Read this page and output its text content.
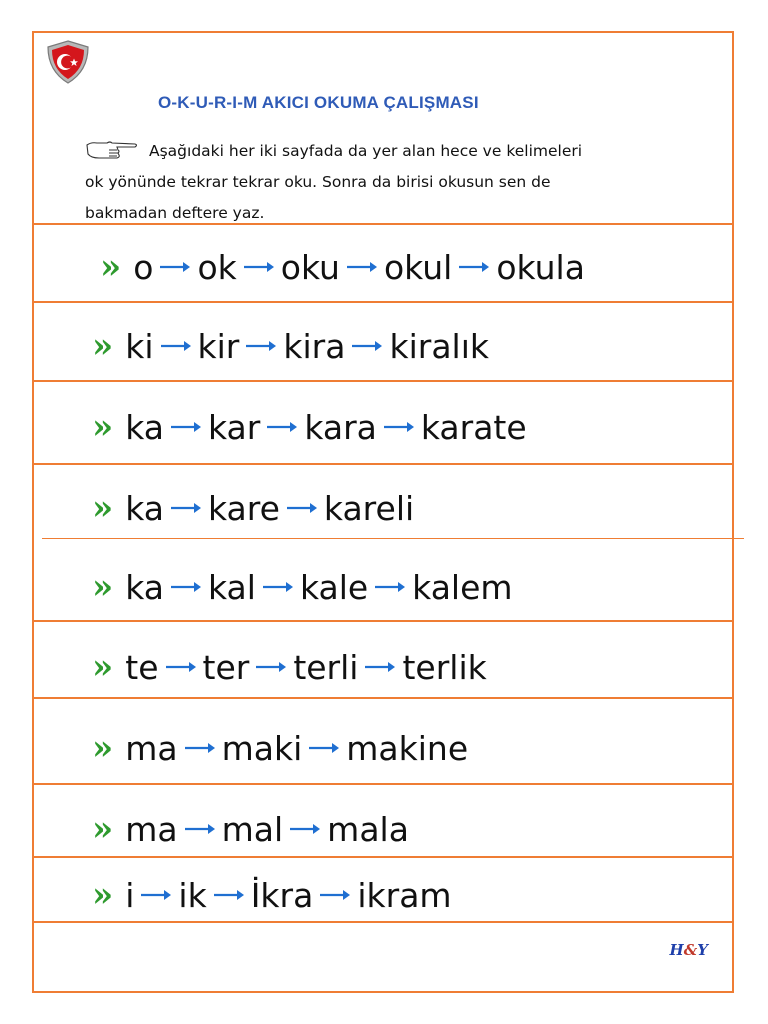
O-K-U-R-I-M AKICI OKUMA ÇALIŞMASI
Aşağıdaki her iki sayfada da yer alan hece ve kelimeleri
ok yönünde tekrar tekrar oku. Sonra da birisi okusun sen de
bakmadan deftere yaz.
H&Y
» o ok oku okul okula
» ki kir kira kiralık
» ka kar kara karate
» ka kare kareli
» ka kal kale kalem
» te ter terli terlik
» ma maki makine
» ma mal mala
» i ik İkra ikram
